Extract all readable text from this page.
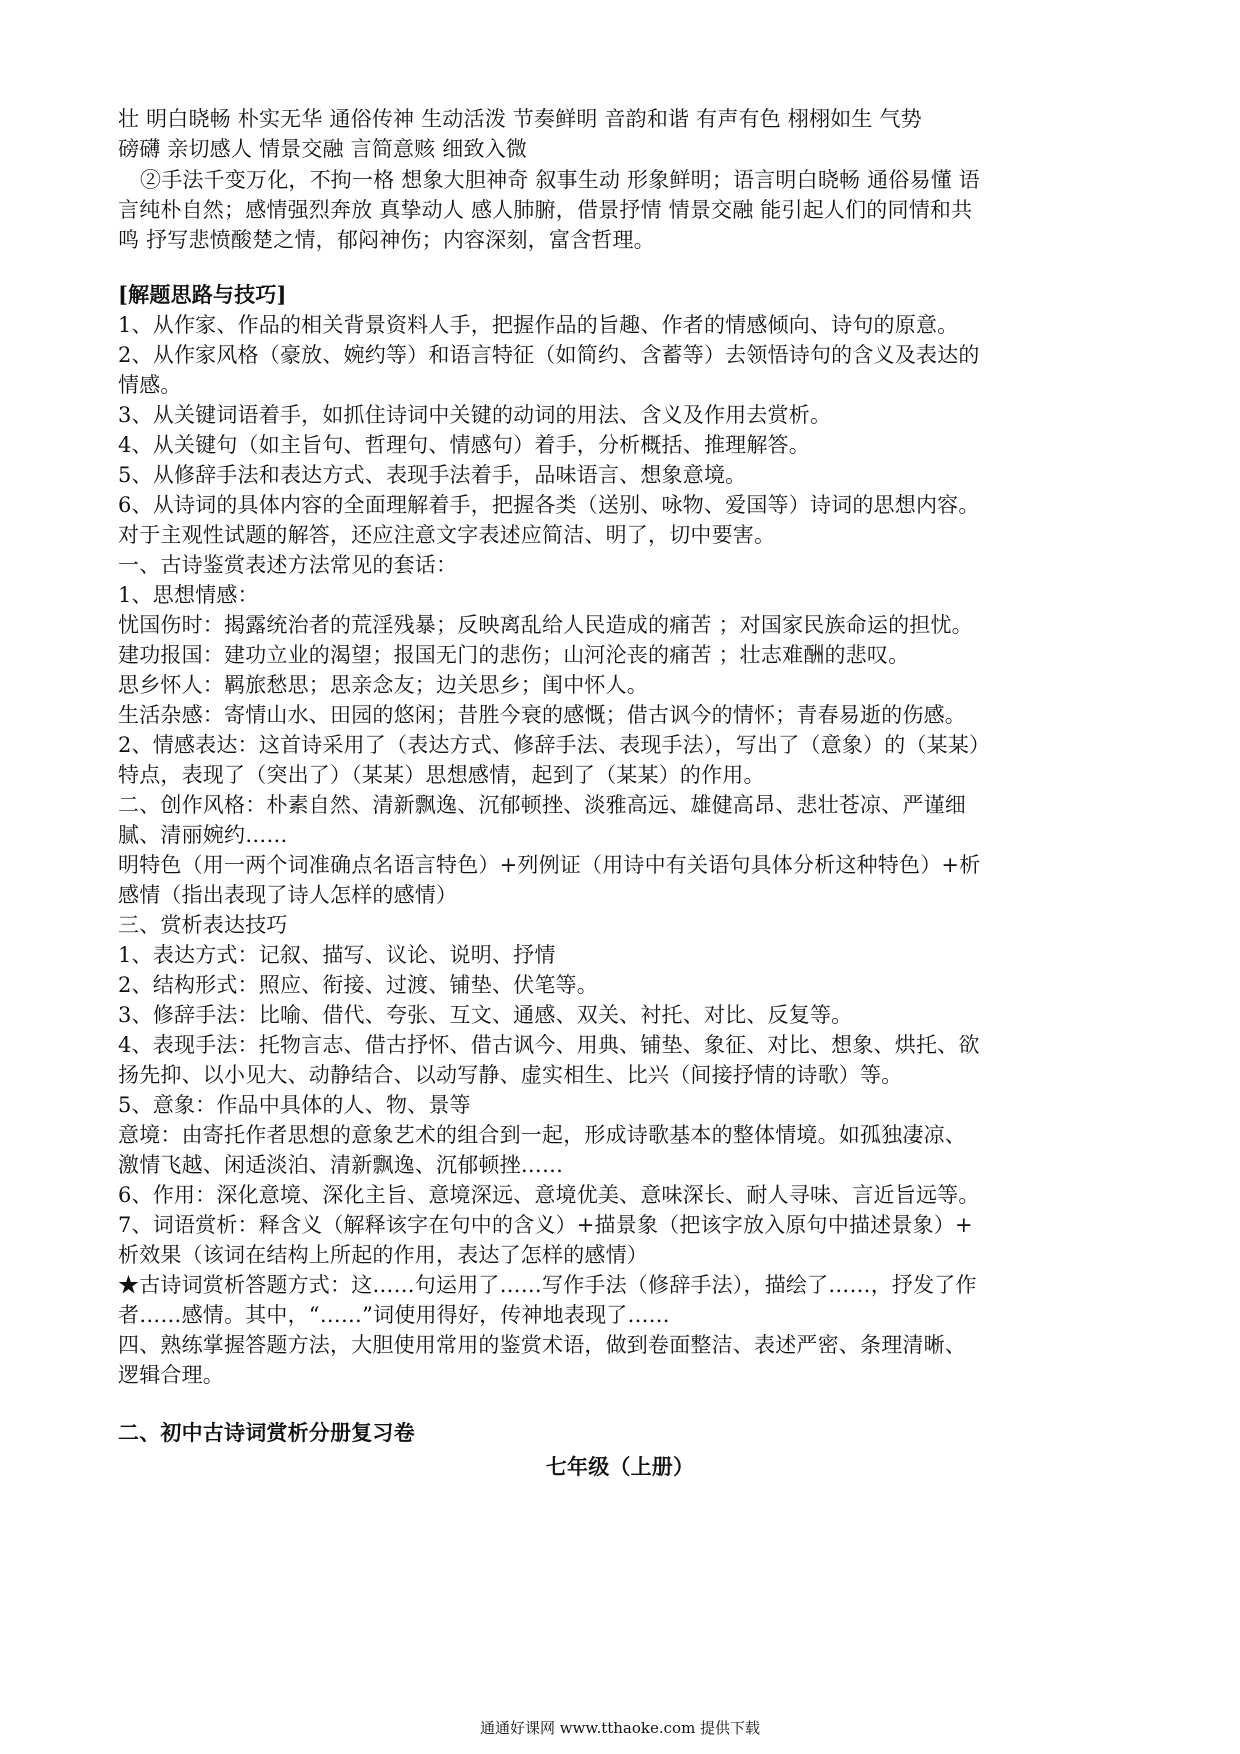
壮 明白晓畅 朴实无华 通俗传神 生动活泼 节奏鲜明 音韵和谐 有声有色 栩栩如生 气势
磅礴 亲切感人 情景交融 言简意赅 细致入微
②手法千变万化，不拘一格 想象大胆神奇 叙事生动 形象鲜明；语言明白晓畅 通俗易懂 语
言纯朴自然；感情强烈奔放 真挚动人 感人肺腑，借景抒情 情景交融 能引起人们的同情和共
鸣 抒写悲愤酸楚之情，郁闷神伤；内容深刻，富含哲理。
[解题思路与技巧]
1、从作家、作品的相关背景资料人手，把握作品的旨趣、作者的情感倾向、诗句的原意。
2、从作家风格（豪放、婉约等）和语言特征（如简约、含蓄等）去领悟诗句的含义及表达的
情感。
3、从关键词语着手，如抓住诗词中关键的动词的用法、含义及作用去赏析。
4、从关键句（如主旨句、哲理句、情感句）着手，分析概括、推理解答。
5、从修辞手法和表达方式、表现手法着手，品味语言、想象意境。
6、从诗词的具体内容的全面理解着手，把握各类（送别、咏物、爱国等）诗词的思想内容。
对于主观性试题的解答，还应注意文字表述应简洁、明了，切中要害。
一、古诗鉴赏表述方法常见的套话：
1、思想情感：
忧国伤时：揭露统治者的荒淫残暴；反映离乱给人民造成的痛苦 ；对国家民族命运的担忧。
建功报国：建功立业的渴望；报国无门的悲伤；山河沦丧的痛苦 ；壮志难酬的悲叹。
思乡怀人：羁旅愁思；思亲念友；边关思乡；闺中怀人。
生活杂感：寄情山水、田园的悠闲；昔胜今衰的感慨；借古讽今的情怀；青春易逝的伤感。
2、情感表达：这首诗采用了（表达方式、修辞手法、表现手法），写出了（意象）的（某某）
特点，表现了（突出了）（某某）思想感情，起到了（某某）的作用。
二、创作风格：朴素自然、清新飘逸、沉郁顿挫、淡雅高远、雄健高昂、悲壮苍凉、严谨细
腻、清丽婉约……
明特色（用一两个词准确点名语言特色）+列例证（用诗中有关语句具体分析这种特色）+析
感情（指出表现了诗人怎样的感情）
三、赏析表达技巧
1、表达方式：记叙、描写、议论、说明、抒情
2、结构形式：照应、衔接、过渡、铺垫、伏笔等。
3、修辞手法：比喻、借代、夸张、互文、通感、双关、衬托、对比、反复等。
4、表现手法：托物言志、借古抒怀、借古讽今、用典、铺垫、象征、对比、想象、烘托、欲
扬先抑、以小见大、动静结合、以动写静、虚实相生、比兴（间接抒情的诗歌）等。
5、意象：作品中具体的人、物、景等
意境：由寄托作者思想的意象艺术的组合到一起，形成诗歌基本的整体情境。如孤独凄凉、
激情飞越、闲适淡泊、清新飘逸、沉郁顿挫……
6、作用：深化意境、深化主旨、意境深远、意境优美、意味深长、耐人寻味、言近旨远等。
7、词语赏析：释含义（解释该字在句中的含义）+描景象（把该字放入原句中描述景象）+
析效果（该词在结构上所起的作用，表达了怎样的感情）
★古诗词赏析答题方式：这……句运用了……写作手法（修辞手法），描绘了……，抒发了作
者……感情。其中，“……”词使用得好，传神地表现了……
四、熟练掌握答题方法，大胆使用常用的鉴赏术语，做到卷面整洁、表述严密、条理清晰、
逻辑合理。
二、初中古诗词赏析分册复习卷
七年级（上册）
通通好课网 www.tthaoke.com 提供下载
